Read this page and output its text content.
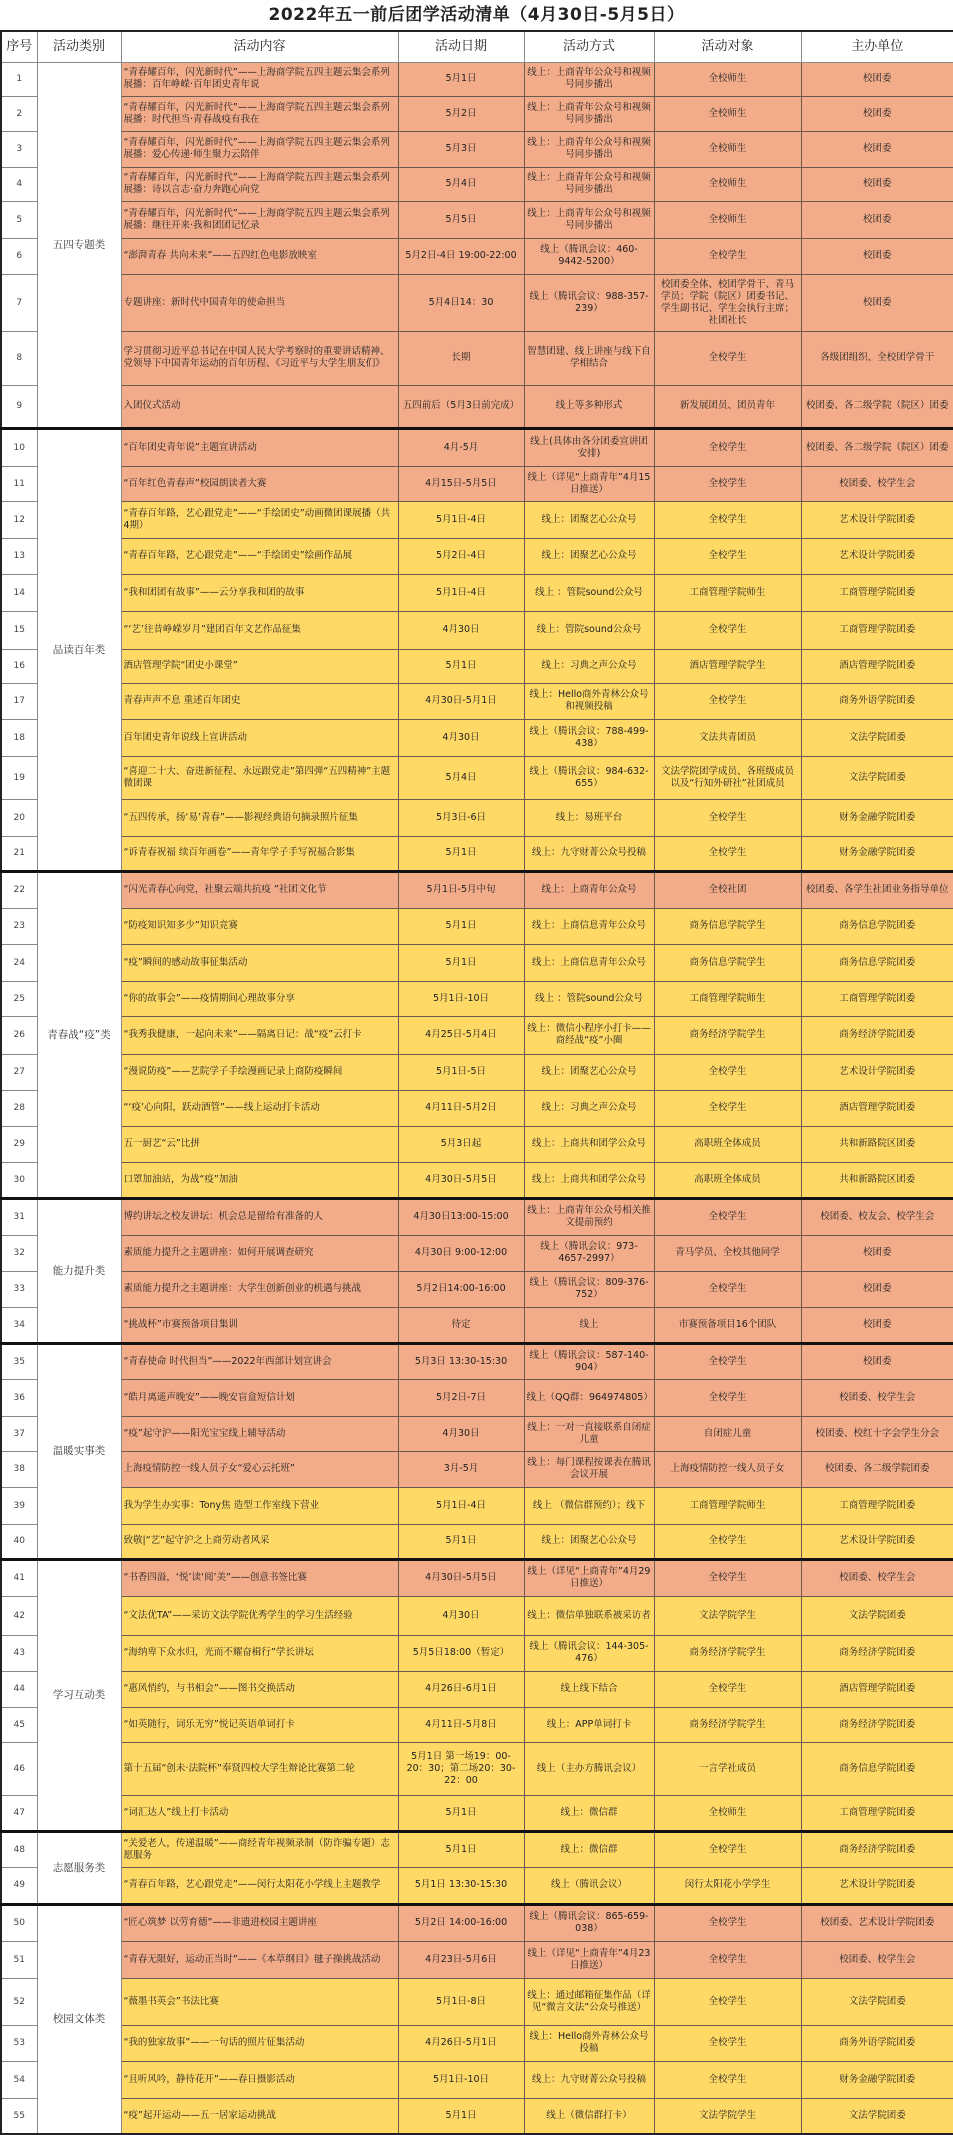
2022年五一前后团学活动清单（4月30日-5月5日）
序号	活动类别	活动内容	活动日期	活动方式	活动对象	主办单位
1	五四专题类	“青春耀百年，闪光新时代”——上海商学院五四主题云集会系列展播：百年峥嵘·百年团史青年说	5月1日	线上：上商青年公众号和视频号同步播出	全校师生	校团委
2		“青春耀百年，闪光新时代”——上海商学院五四主题云集会系列展播：时代担当·青春战疫有我在	5月2日	线上：上商青年公众号和视频号同步播出	全校师生	校团委
3		“青春耀百年，闪光新时代”——上海商学院五四主题云集会系列展播：爱心传递·师生聚力云陪伴	5月3日	线上：上商青年公众号和视频号同步播出	全校师生	校团委
4		“青春耀百年，闪光新时代”——上海商学院五四主题云集会系列展播：诗以言志·奋力奔跑心向党	5月4日	线上：上商青年公众号和视频号同步播出	全校师生	校团委
5		“青春耀百年，闪光新时代”——上海商学院五四主题云集会系列展播：继往开来·我和团团记忆录	5月5日	线上：上商青年公众号和视频号同步播出	全校师生	校团委
6		“澎湃青春 共向未来”——五四红色电影放映室	5月2日-4日 19:00-22:00	线上（腾讯会议：460-9442-5200）	全校学生	校团委
7		专题讲座：新时代中国青年的使命担当	5月4日14：30	线上（腾讯会议：988-357-239）	校团委全体、校团学骨干、青马学员；学院（院区）团委书记、学生副书记、学生会执行主席；社团社长	校团委
8		学习贯彻习近平总书记在中国人民大学考察时的重要讲话精神、党领导下中国青年运动的百年历程、《习近平与大学生朋友们》	长期	智慧团建、线上讲座与线下自学相结合	全校学生	各级团组织、全校团学骨干
9		入团仪式活动	五四前后（5月3日前完成）	线上等多种形式	新发展团员、团员青年	校团委、各二级学院（院区）团委
10	品读百年类	“百年团史青年说”主题宣讲活动	4月-5月	线上(具体由各分团委宣讲团安排)	全校学生	校团委、各二级学院（院区）团委
11		“百年红色青春声”校园朗读者大赛	4月15日-5月5日	线上（详见“上商青年”4月15日推送）	全校学生	校团委、校学生会
12		“青春百年路，艺心跟党走”——“手绘团史”动画微团课展播（共4期）	5月1日-4日	线上：团聚艺心公众号	全校学生	艺术设计学院团委
13		“青春百年路，艺心跟党走”——“手绘团史”绘画作品展	5月2日-4日	线上：团聚艺心公众号	全校学生	艺术设计学院团委
14		“我和团团有故事”——云分享我和团的故事	5月1日-4日	线上 ：管院sound公众号	工商管理学院师生	工商管理学院团委
15		“‘艺’往昔峥嵘岁月”建团百年文艺作品征集	4月30日	线上：管院sound公众号	全校学生	工商管理学院团委
16		酒店管理学院“团史小课堂”	5月1日	线上：习典之声公众号	酒店管理学院学生	酒店管理学院团委
17		青春声声不息 重述百年团史	4月30日-5月1日	线上：Hello商外青林公众号和视频投稿	全校学生	商务外语学院团委
18		百年团史青年说线上宣讲活动	4月30日	线上（腾讯会议：788-499-438）	文法共青团员	文法学院团委
19		“喜迎二十大、奋进新征程、永远跟党走”第四弹“五四精神”主题微团课	5月4日	线上（腾讯会议：984-632-655）	文法学院团学成员、各班级成员以及“行知外研社”社团成员	文法学院团委
20		“五四传承，扬‘易’青春”——影视经典语句摘录照片征集	5月3日-6日	线上：易班平台	全校学生	财务金融学院团委
21		“诉青春祝福 续百年画卷”——青年学子手写祝福合影集	5月1日	线上：九守财菁公众号投稿	全校学生	财务金融学院团委
22	青春战“疫”类	“闪光青春心向党，社聚云端共抗疫 ”社团文化节	5月1日-5月中旬	线上：上商青年公众号	全校社团	校团委、各学生社团业务指导单位
23		“防疫知识知多少”知识竞赛	5月1日	线上：上商信息青年公众号	商务信息学院学生	商务信息学院团委
24		“疫”瞬间的感动故事征集活动	5月1日	线上：上商信息青年公众号	商务信息学院学生	商务信息学院团委
25		“你的故事会”——疫情期间心理故事分享	5月1日-10日	线上 ：管院sound公众号	工商管理学院师生	工商管理学院团委
26		“我秀我健康，一起向未来”——隔离日记：战“疫”云打卡	4月25日-5月4日	线上：微信小程序小打卡——商经战“疫”小圈	商务经济学院学生	商务经济学院团委
27		“漫说防疫”——艺院学子手绘漫画记录上商防疫瞬间	5月1日-5日	线上：团聚艺心公众号	全校学生	艺术设计学院团委
28		“‘疫’心向阳，跃动酒管”——线上运动打卡活动	4月11日-5月2日	线上：习典之声公众号	全校学生	酒店管理学院团委
29		五一厨艺“云”比拼	5月3日起	线上：上商共和团学公众号	高职班全体成员	共和新路院区团委
30		口罩加油站，为战“疫”加油	4月30日-5月5日	线上：上商共和团学公众号	高职班全体成员	共和新路院区团委
31	能力提升类	博约讲坛之校友讲坛：机会总是留给有准备的人	4月30日13:00-15:00	线上：上商青年公众号相关推文提前预约	全校学生	校团委、校友会、校学生会
32		素质能力提升之主题讲座：如何开展调查研究	4月30日 9:00-12:00	线上（腾讯会议：973-4657-2997）	青马学员、全校其他同学	校团委
33		素质能力提升之主题讲座：大学生创新创业的机遇与挑战	5月2日14:00-16:00	线上（腾讯会议：809-376-752）	全校学生	校团委
34		“挑战杯”市赛预备项目集训	待定	线上	市赛预备项目16个团队	校团委
35	温暖实事类	“青春使命 时代担当”——2022年西部计划宣讲会	5月3日 13:30-15:30	线上（腾讯会议：587-140-904）	全校学生	校团委
36		“皓月离遥声晚安”——晚安盲盒短信计划	5月2日-7日	线上（QQ群：964974805）	全校学生	校团委、校学生会
37		“疫”起守沪——阳光宝宝线上辅导活动	4月30日	线上：一对一直接联系自闭症儿童	自闭症儿童	校团委、校红十字会学生分会
38		上海疫情防控一线人员子女“爱心云托班”	3月-5月	线上：每门课程按课表在腾讯会议开展	上海疫情防控一线人员子女	校团委、各二级学院团委
39		我为学生办实事：Tony焦 造型工作室线下营业	5月1日-4日	线上 （微信群预约）；线下	工商管理学院师生	工商管理学院团委
40		致敬|“艺”起守沪之上商劳动者风采	5月1日	线上：团聚艺心公众号	全校学生	艺术设计学院团委
41	学习互动类	“书香四溢，‘悦’读‘阅’美”——创意书签比赛	4月30日-5月5日	线上（详见“上商青年”4月29日推送）	全校学生	校团委、校学生会
42		“文法优TA”——采访文法学院优秀学生的学习生活经验	4月30日	线上：微信单独联系被采访者	文法学院学生	文法学院团委
43		“海纳卑下众水归，光而不耀奋楫行”学长讲坛	5月5日18:00（暂定）	线上（腾讯会议：144-305-476）	商务经济学院学生	商务经济学院团委
44		“惠风悄约，与书相会”——图书交换活动	4月26日-6月1日	线上线下结合	全校学生	酒店管理学院团委
45		“如英随行，词乐无穷”悦记英语单词打卡	4月11日-5月8日	线上：APP单词打卡	商务经济学院学生	商务经济学院团委
46		第十五届“创未·法院杯”奉贤四校大学生辩论比赛第二轮	5月1日 第一场19：00-20：30；第二场20：30-22：00	线上（主办方腾讯会议）	一言学社成员	商务信息学院团委
47		“词汇达人”线上打卡活动	5月1日	线上：微信群	全校师生	工商管理学院团委
48	志愿服务类	“关爱老人，传递温暖”——商经青年视频录制（防诈骗专题）志愿服务	5月1日	线上：微信群	全校学生	商务经济学院团委
49		“青春百年路，艺心跟党走”——闵行太阳花小学线上主题教学	5月1日 13:30-15:30	线上（腾讯会议）	闵行太阳花小学学生	艺术设计学院团委
50	校园文体类	“匠心筑梦 以劳育德”——非遗进校园主题讲座	5月2日 14:00-16:00	线上（腾讯会议：865-659-038）	全校学生	校团委、艺术设计学院团委
51		“青春无限好，运动正当时”——《本草纲目》毽子操挑战活动	4月23日-5月6日	线上（详见“上商青年”4月23日推送）	全校学生	校团委、校学生会
52		“薇墨书英会”书法比赛	5月1日-8日	线上：通过邮箱征集作品（详见“微言文法”公众号推送）	全校学生	文法学院团委
53		“我的独家故事”——一句话的照片征集活动	4月26日-5月1日	线上：Hello商外青林公众号投稿	全校学生	商务外语学院团委
54		“且听风吟，静待花开”——春日摄影活动	5月1日-10日	线上：九守财菁公众号投稿	全校学生	财务金融学院团委
55		“疫”起开运动——五一居家运动挑战	5月1日	线上（微信群打卡）	文法学院学生	文法学院团委
